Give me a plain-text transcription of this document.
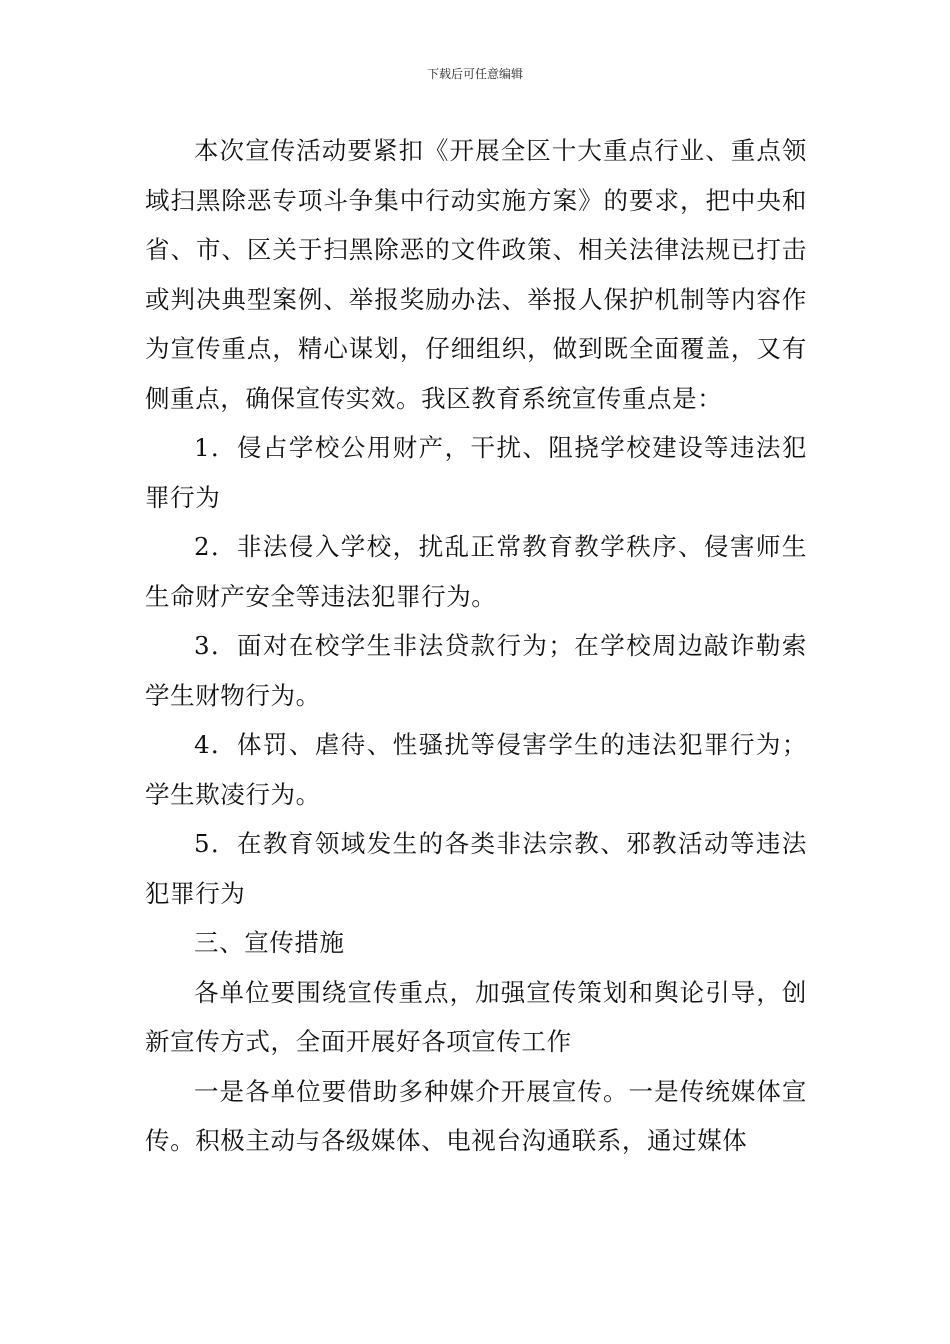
下载后可任意编辑

本次宣传活动要紧扣《开展全区十大重点行业、重点领域扫黑除恶专项斗争集中行动实施方案》的要求，把中央和省、市、区关于扫黑除恶的文件政策、相关法律法规已打击或判决典型案例、举报奖励办法、举报人保护机制等内容作为宣传重点，精心谋划，仔细组织，做到既全面覆盖，又有侧重点，确保宣传实效。我区教育系统宣传重点是：

1．侵占学校公用财产，干扰、阻挠学校建设等违法犯罪行为

2．非法侵入学校，扰乱正常教育教学秩序、侵害师生生命财产安全等违法犯罪行为。

3．面对在校学生非法贷款行为；在学校周边敲诈勒索学生财物行为。

4．体罚、虐待、性骚扰等侵害学生的违法犯罪行为；学生欺凌行为。

5．在教育领域发生的各类非法宗教、邪教活动等违法犯罪行为

三、宣传措施

各单位要围绕宣传重点，加强宣传策划和舆论引导，创新宣传方式，全面开展好各项宣传工作

一是各单位要借助多种媒介开展宣传。一是传统媒体宣传。积极主动与各级媒体、电视台沟通联系，通过媒体
